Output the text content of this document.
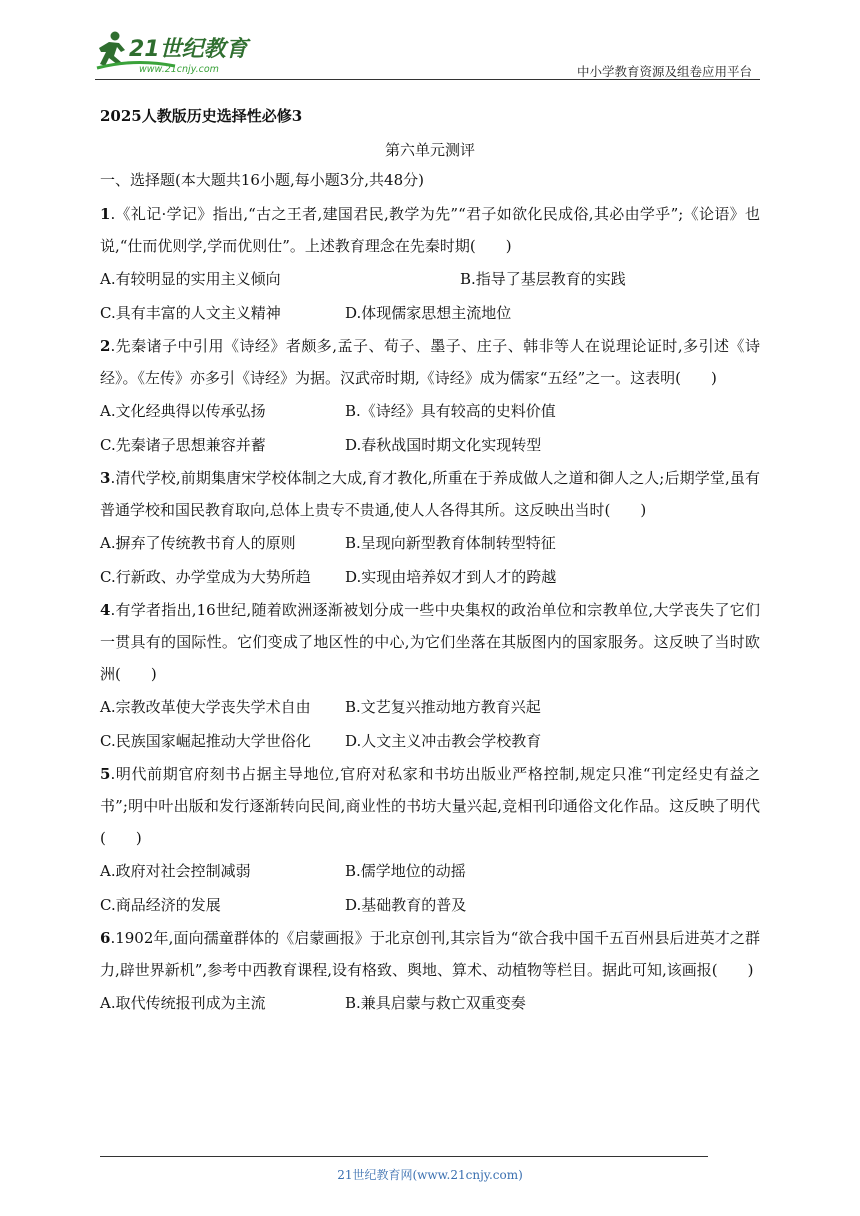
21世纪教育
www.21cnjy.com	中小学教育资源及组卷应用平台
2025人教版历史选择性必修3
第六单元测评
一、选择题(本大题共16小题,每小题3分,共48分)

1.《礼记·学记》指出,“古之王者,建国君民,教学为先”“君子如欲化民成俗,其必由学乎”;《论语》也说,“仕而优则学,学而优则仕”。上述教育理念在先秦时期(　　)

A.有较明显的实用主义倾向	B.指导了基层教育的实践
C.具有丰富的人文主义精神	D.体现儒家思想主流地位

2.先秦诸子中引用《诗经》者颇多,孟子、荀子、墨子、庄子、韩非等人在说理论证时,多引述《诗经》。《左传》亦多引《诗经》为据。汉武帝时期,《诗经》成为儒家“五经”之一。这表明(　　)

A.文化经典得以传承弘扬	B.《诗经》具有较高的史料价值
C.先秦诸子思想兼容并蓄	D.春秋战国时期文化实现转型

3.清代学校,前期集唐宋学校体制之大成,育才教化,所重在于养成做人之道和御人之人;后期学堂,虽有普通学校和国民教育取向,总体上贵专不贵通,使人人各得其所。这反映出当时(　　)

A.摒弃了传统教书育人的原则	B.呈现向新型教育体制转型特征
C.行新政、办学堂成为大势所趋 D.实现由培养奴才到人才的跨越

4.有学者指出,16世纪,随着欧洲逐渐被划分成一些中央集权的政治单位和宗教单位,大学丧失了它们一贯具有的国际性。它们变成了地区性的中心,为它们坐落在其版图内的国家服务。这反映了当时欧洲(　　)

A.宗教改革使大学丧失学术自由 B.文艺复兴推动地方教育兴起
C.民族国家崛起推动大学世俗化 D.人文主义冲击教会学校教育

5.明代前期官府刻书占据主导地位,官府对私家和书坊出版业严格控制,规定只准“刊定经史有益之书”;明中叶出版和发行逐渐转向民间,商业性的书坊大量兴起,竞相刊印通俗文化作品。这反映了明代(　　)

A.政府对社会控制减弱	B.儒学地位的动摇
C.商品经济的发展	D.基础教育的普及

6.1902年,面向孺童群体的《启蒙画报》于北京创刊,其宗旨为“欲合我中国千五百州县后进英才之群力,辟世界新机”,参考中西教育课程,设有格致、舆地、算术、动植物等栏目。据此可知,该画报(　　)

A.取代传统报刊成为主流	B.兼具启蒙与救亡双重变奏
21世纪教育网(www.21cnjy.com)
